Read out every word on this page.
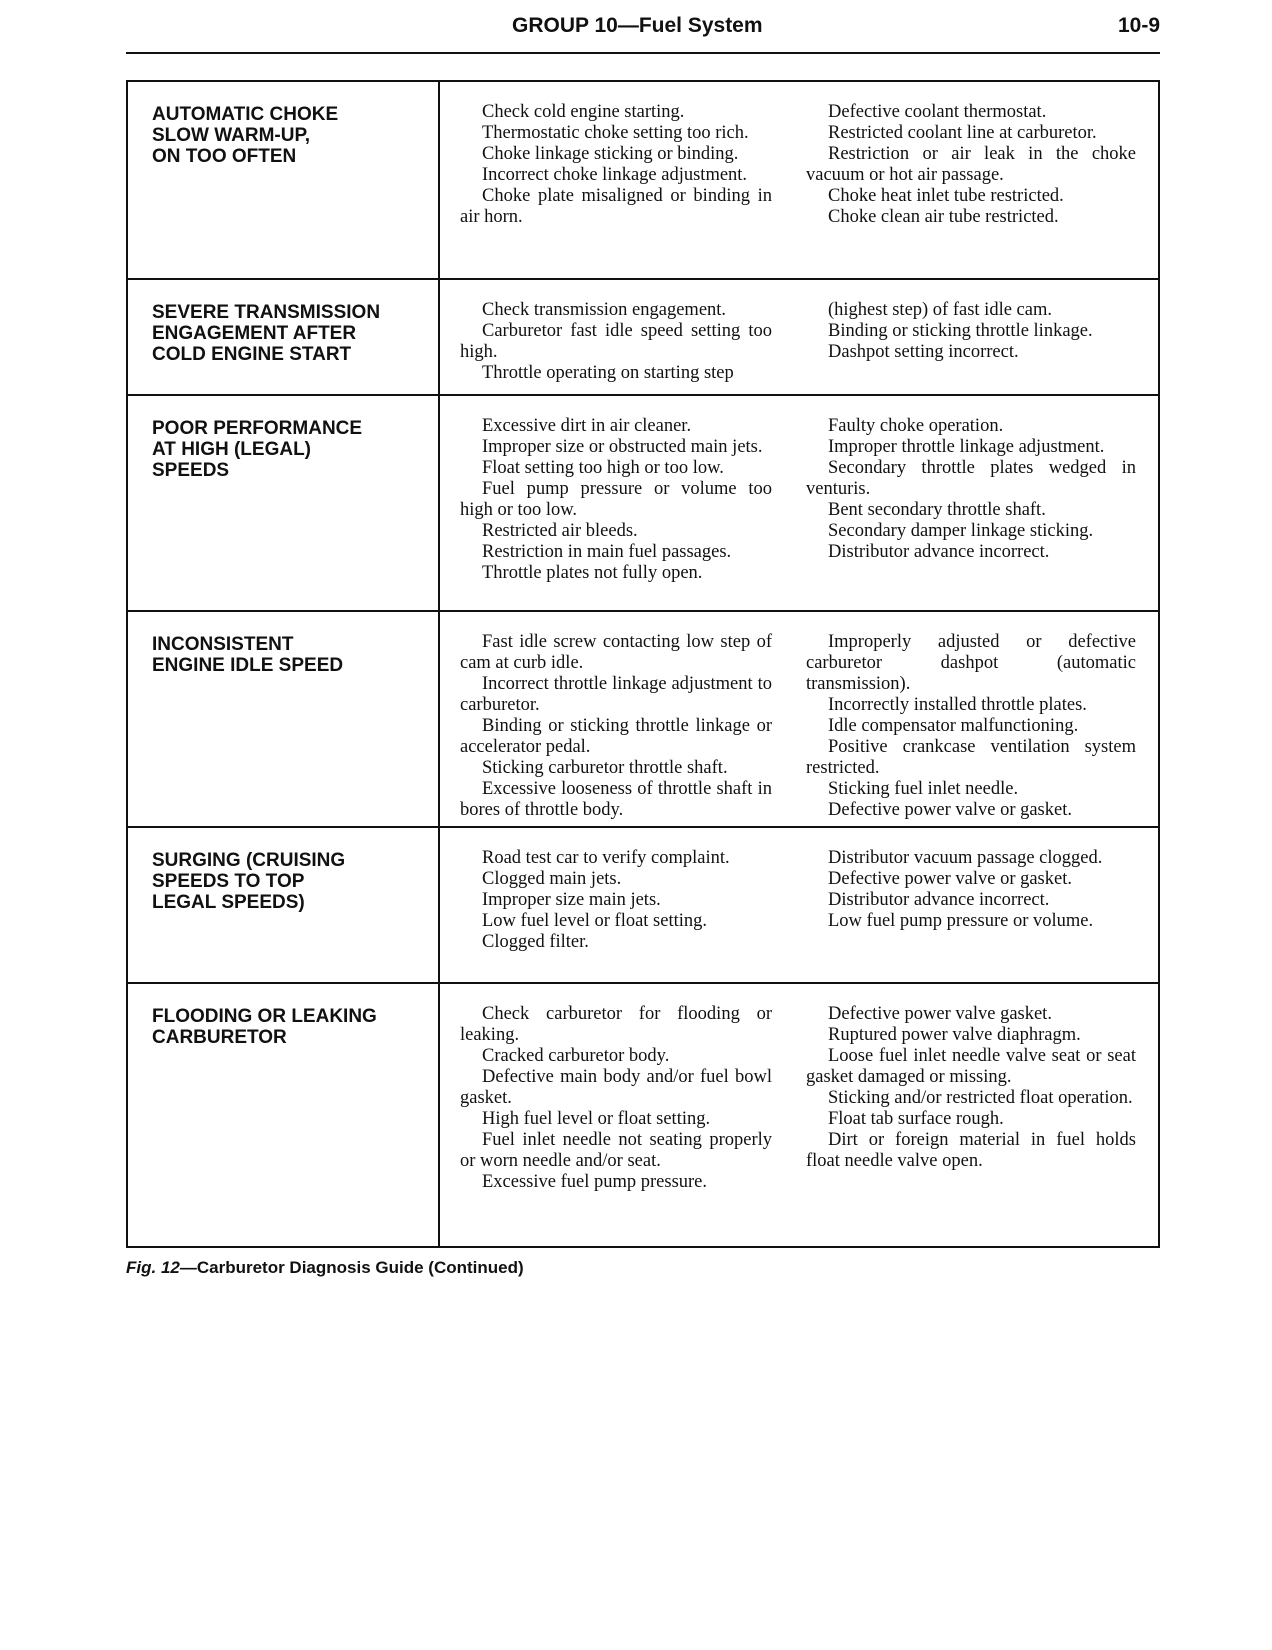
GROUP 10—Fuel System	10-9
AUTOMATIC CHOKE
SLOW WARM-UP,
ON TOO OFTEN

Check cold engine starting.

Thermostatic choke setting too rich.

Choke linkage sticking or binding.

Incorrect choke linkage adjustment.

Choke plate misaligned or binding in air horn.

Defective coolant thermostat.

Restricted coolant line at carburetor.

Restriction or air leak in the choke vacuum or hot air passage.

Choke heat inlet tube restricted.

Choke clean air tube restricted.

SEVERE TRANSMISSION
ENGAGEMENT AFTER
COLD ENGINE START

Check transmission engagement.

Carburetor fast idle speed setting too high.

Throttle operating on starting step

(highest step) of fast idle cam.

Binding or sticking throttle linkage.

Dashpot setting incorrect.

POOR PERFORMANCE
AT HIGH (LEGAL)
SPEEDS

Excessive dirt in air cleaner.

Improper size or obstructed main jets.

Float setting too high or too low.

Fuel pump pressure or volume too high or too low.

Restricted air bleeds.

Restriction in main fuel passages.

Throttle plates not fully open.

Faulty choke operation.

Improper throttle linkage adjustment.

Secondary throttle plates wedged in venturis.

Bent secondary throttle shaft.

Secondary damper linkage sticking.

Distributor advance incorrect.

INCONSISTENT
ENGINE IDLE SPEED

Fast idle screw contacting low step of cam at curb idle.

Incorrect throttle linkage adjustment to carburetor.

Binding or sticking throttle linkage or accelerator pedal.

Sticking carburetor throttle shaft.

Excessive looseness of throttle shaft in bores of throttle body.

Improperly adjusted or defective carburetor dashpot (automatic transmission).

Incorrectly installed throttle plates.

Idle compensator malfunctioning.

Positive crankcase ventilation system restricted.

Sticking fuel inlet needle.

Defective power valve or gasket.

SURGING (CRUISING
SPEEDS TO TOP
LEGAL SPEEDS)

Road test car to verify complaint.

Clogged main jets.

Improper size main jets.

Low fuel level or float setting.

Clogged filter.

Distributor vacuum passage clogged.

Defective power valve or gasket.

Distributor advance incorrect.

Low fuel pump pressure or volume.

FLOODING OR LEAKING
CARBURETOR

Check carburetor for flooding or leaking.

Cracked carburetor body.

Defective main body and/or fuel bowl gasket.

High fuel level or float setting.

Fuel inlet needle not seating properly or worn needle and/or seat.

Excessive fuel pump pressure.

Defective power valve gasket.

Ruptured power valve diaphragm.

Loose fuel inlet needle valve seat or seat gasket damaged or missing.

Sticking and/or restricted float operation.

Float tab surface rough.

Dirt or foreign material in fuel holds float needle valve open.

Fig. 12—Carburetor Diagnosis Guide (Continued)
